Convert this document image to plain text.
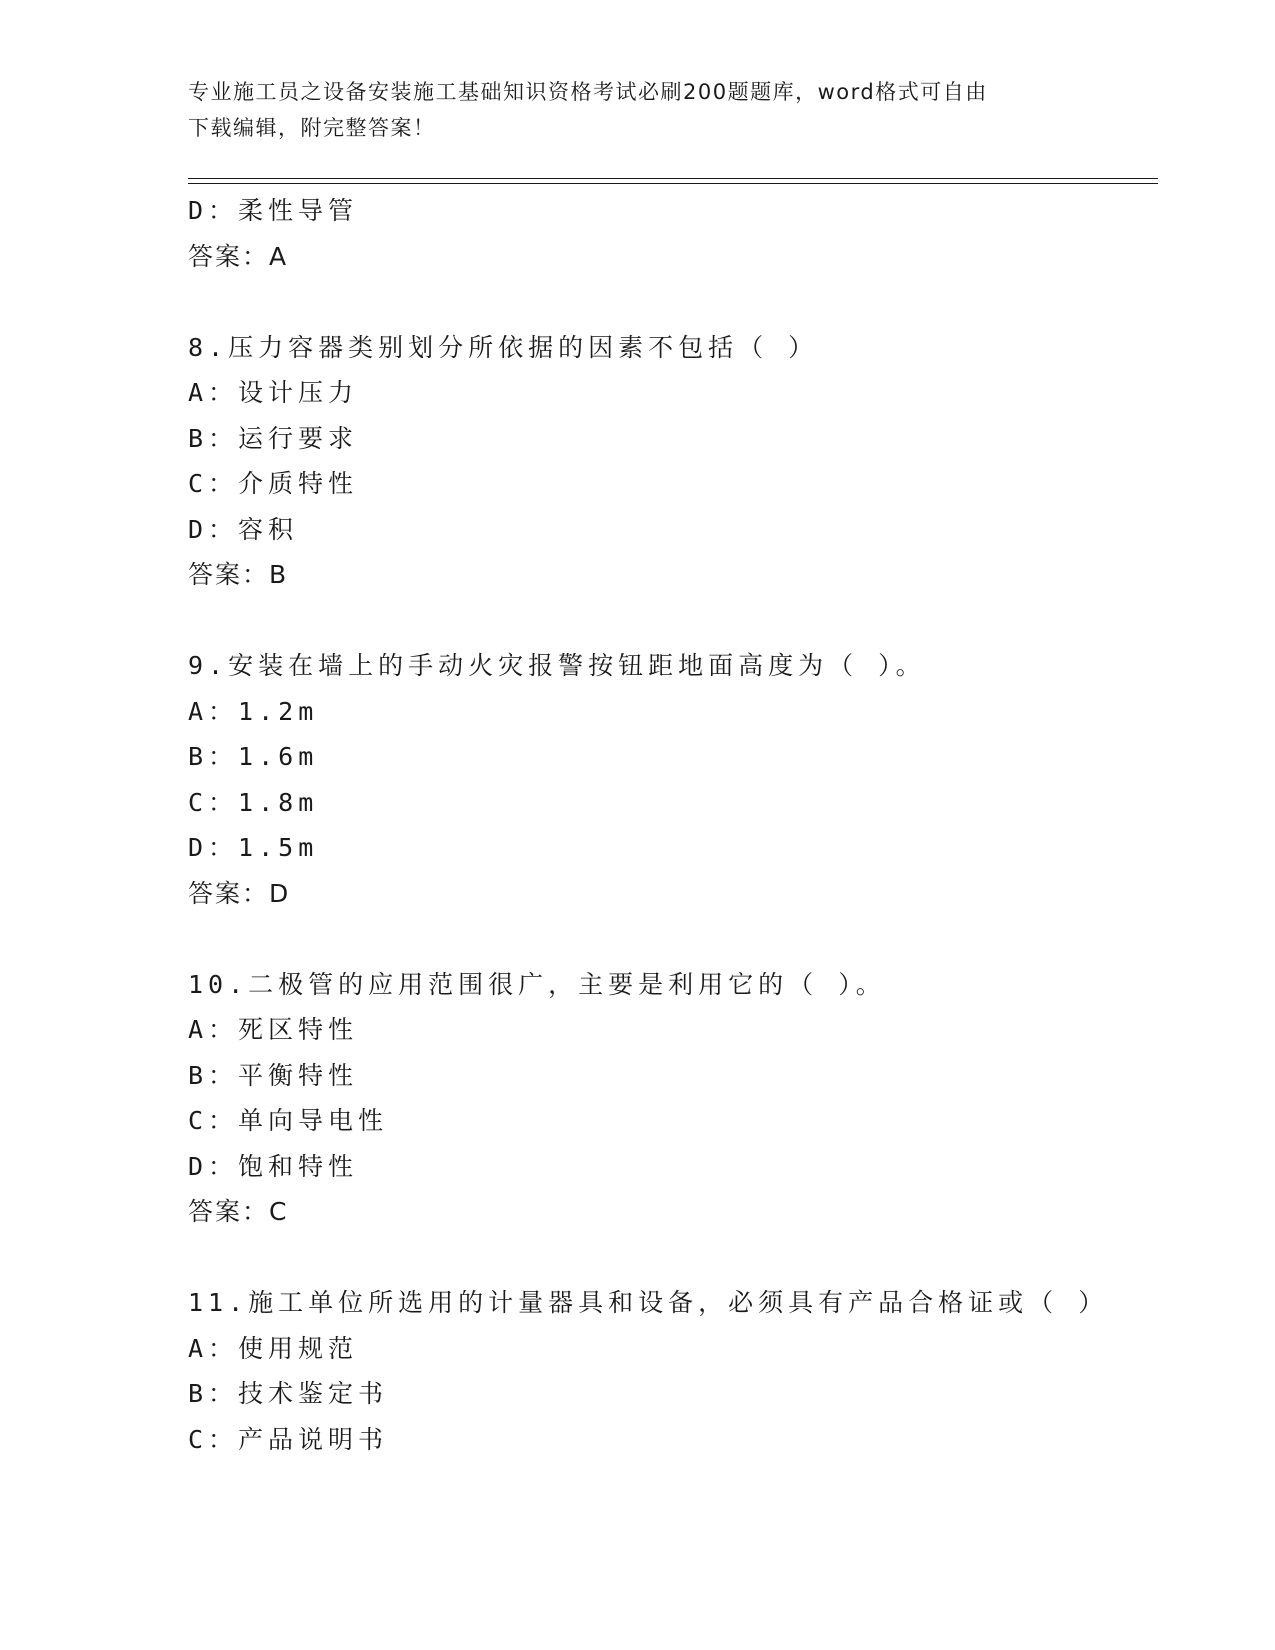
专业施工员之设备安装施工基础知识资格考试必刷200题题库，word格式可自由
下载编辑，附完整答案！
D：柔性导管
答案：A
8.压力容器类别划分所依据的因素不包括（ ）
A：设计压力
B：运行要求
C：介质特性
D：容积
答案：B
9.安装在墙上的手动火灾报警按钮距地面高度为（ ）。
A：1.2m
B：1.6m
C：1.8m
D：1.5m
答案：D
10.二极管的应用范围很广，主要是利用它的（ ）。
A：死区特性
B：平衡特性
C：单向导电性
D：饱和特性
答案：C
11.施工单位所选用的计量器具和设备，必须具有产品合格证或（ ）
A：使用规范
B：技术鉴定书
C：产品说明书
